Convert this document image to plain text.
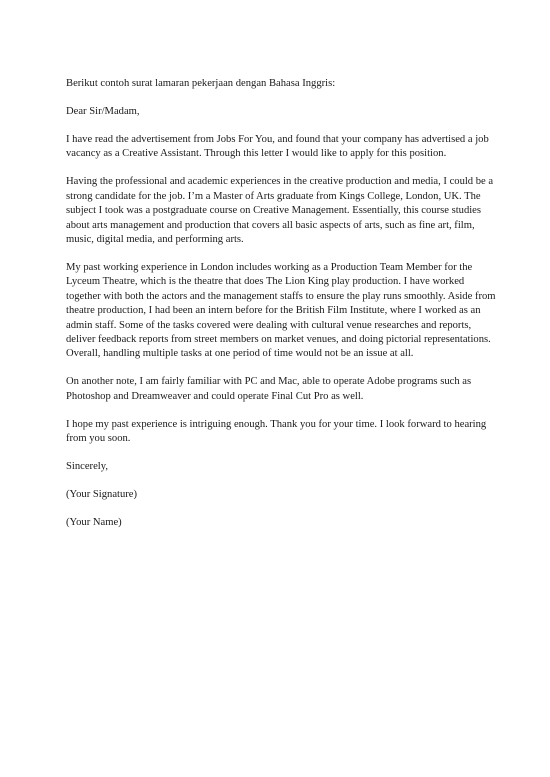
Berikut contoh surat lamaran pekerjaan dengan Bahasa Inggris:

Dear Sir/Madam,

I have read the advertisement from Jobs For You, and found that your company has advertised a job vacancy as a Creative Assistant. Through this letter I would like to apply for this position.

Having the professional and academic experiences in the creative production and media, I could be a strong candidate for the job. I’m a Master of Arts graduate from Kings College, London, UK. The subject I took was a postgraduate course on Creative Management. Essentially, this course studies about arts management and production that covers all basic aspects of arts, such as fine art, film, music, digital media, and performing arts.

My past working experience in London includes working as a Production Team Member for the Lyceum Theatre, which is the theatre that does The Lion King play production. I have worked together with both the actors and the management staffs to ensure the play runs smoothly. Aside from theatre production, I had been an intern before for the British Film Institute, where I worked as an admin staff. Some of the tasks covered were dealing with cultural venue researches and reports, deliver feedback reports from street members on market venues, and doing pictorial representations. Overall, handling multiple tasks at one period of time would not be an issue at all.

On another note, I am fairly familiar with PC and Mac, able to operate Adobe programs such as Photoshop and Dreamweaver and could operate Final Cut Pro as well.

I hope my past experience is intriguing enough. Thank you for your time. I look forward to hearing from you soon.

Sincerely,

(Your Signature)

(Your Name)
